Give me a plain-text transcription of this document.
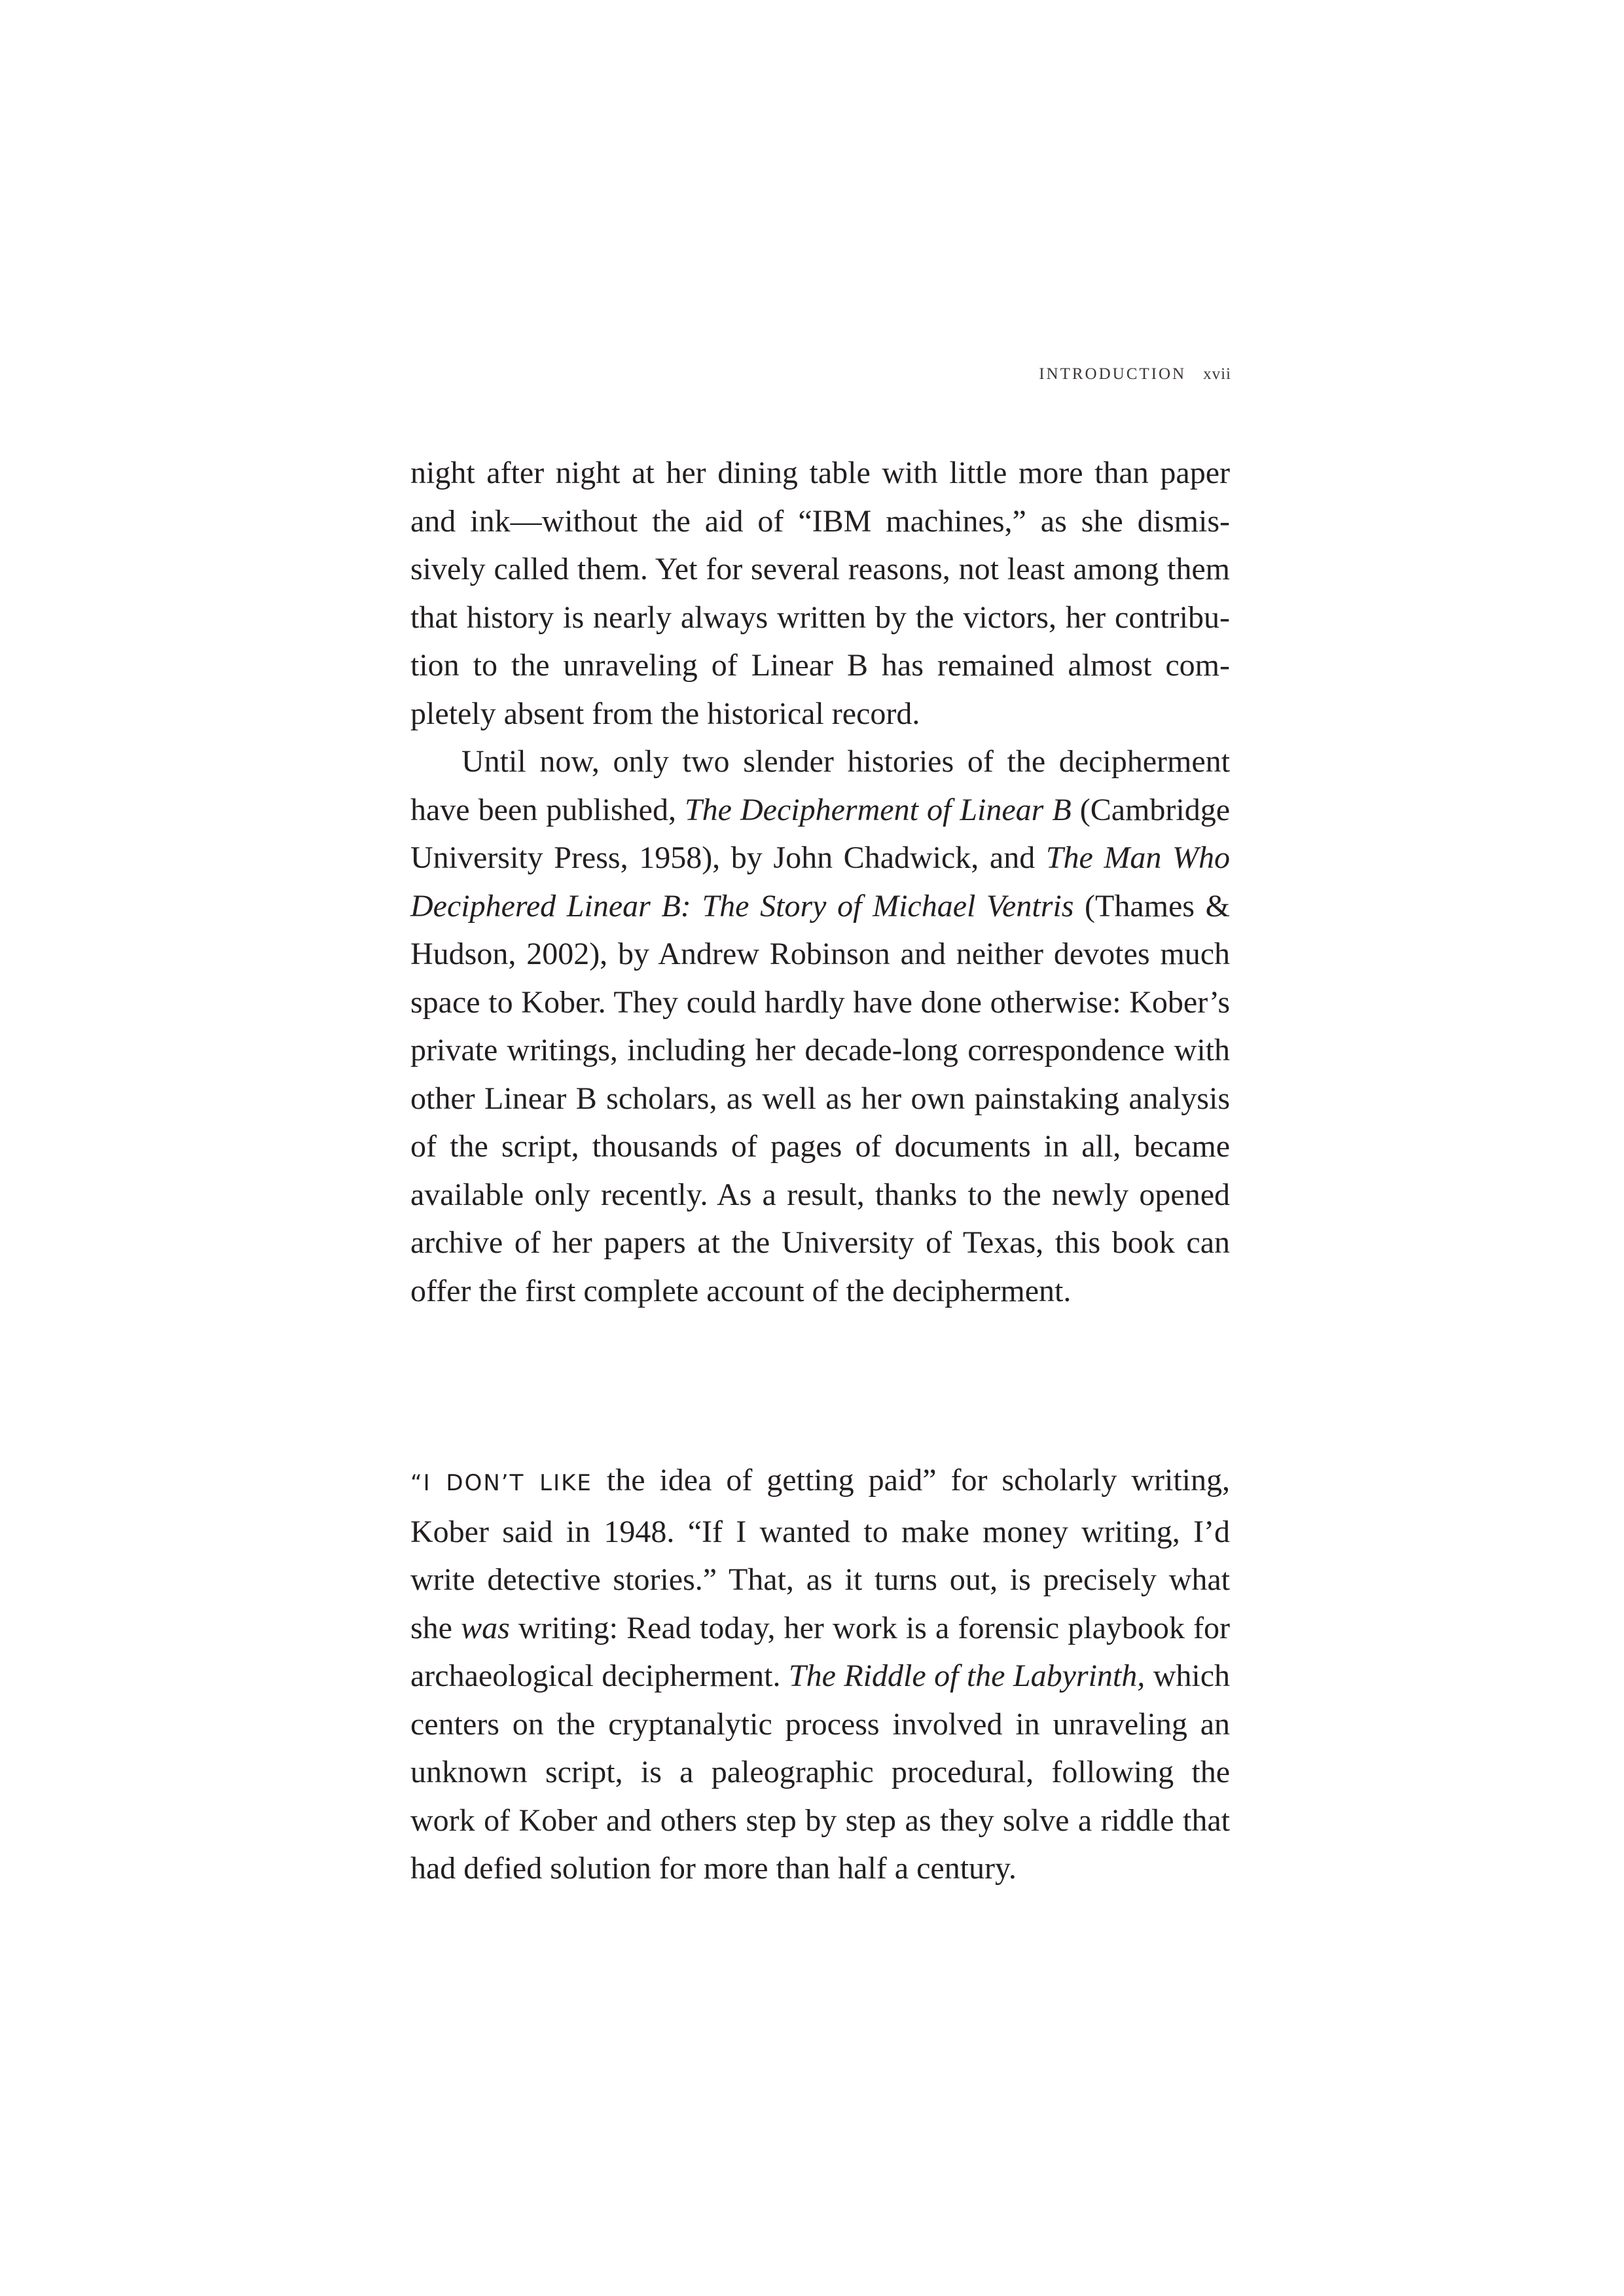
INTRODUCTION xvii

night after night at her dining table with little more than paper and ink—without the aid of “IBM machines,” as she dismissively called them. Yet for several reasons, not least among them that history is nearly always written by the victors, her contribution to the unraveling of Linear B has remained almost completely absent from the historical record.

Until now, only two slender histories of the decipherment have been published, The Decipherment of Linear B (Cambridge University Press, 1958), by John Chadwick, and The Man Who Deciphered Linear B: The Story of Michael Ventris (Thames & Hudson, 2002), by Andrew Robinson and neither devotes much space to Kober. They could hardly have done otherwise: Kober’s private writings, including her decade-long correspondence with other Linear B scholars, as well as her own painstaking analysis of the script, thousands of pages of documents in all, became available only recently. As a result, thanks to the newly opened archive of her papers at the University of Texas, this book can offer the first complete account of the decipherment.

“I DON’T LIKE the idea of getting paid” for scholarly writing, Kober said in 1948. “If I wanted to make money writing, I’d write detective stories.” That, as it turns out, is precisely what she was writing: Read today, her work is a forensic playbook for archaeological decipherment. The Riddle of the Labyrinth, which centers on the cryptanalytic process involved in unraveling an unknown script, is a paleographic procedural, following the work of Kober and others step by step as they solve a riddle that had defied solution for more than half a century.
